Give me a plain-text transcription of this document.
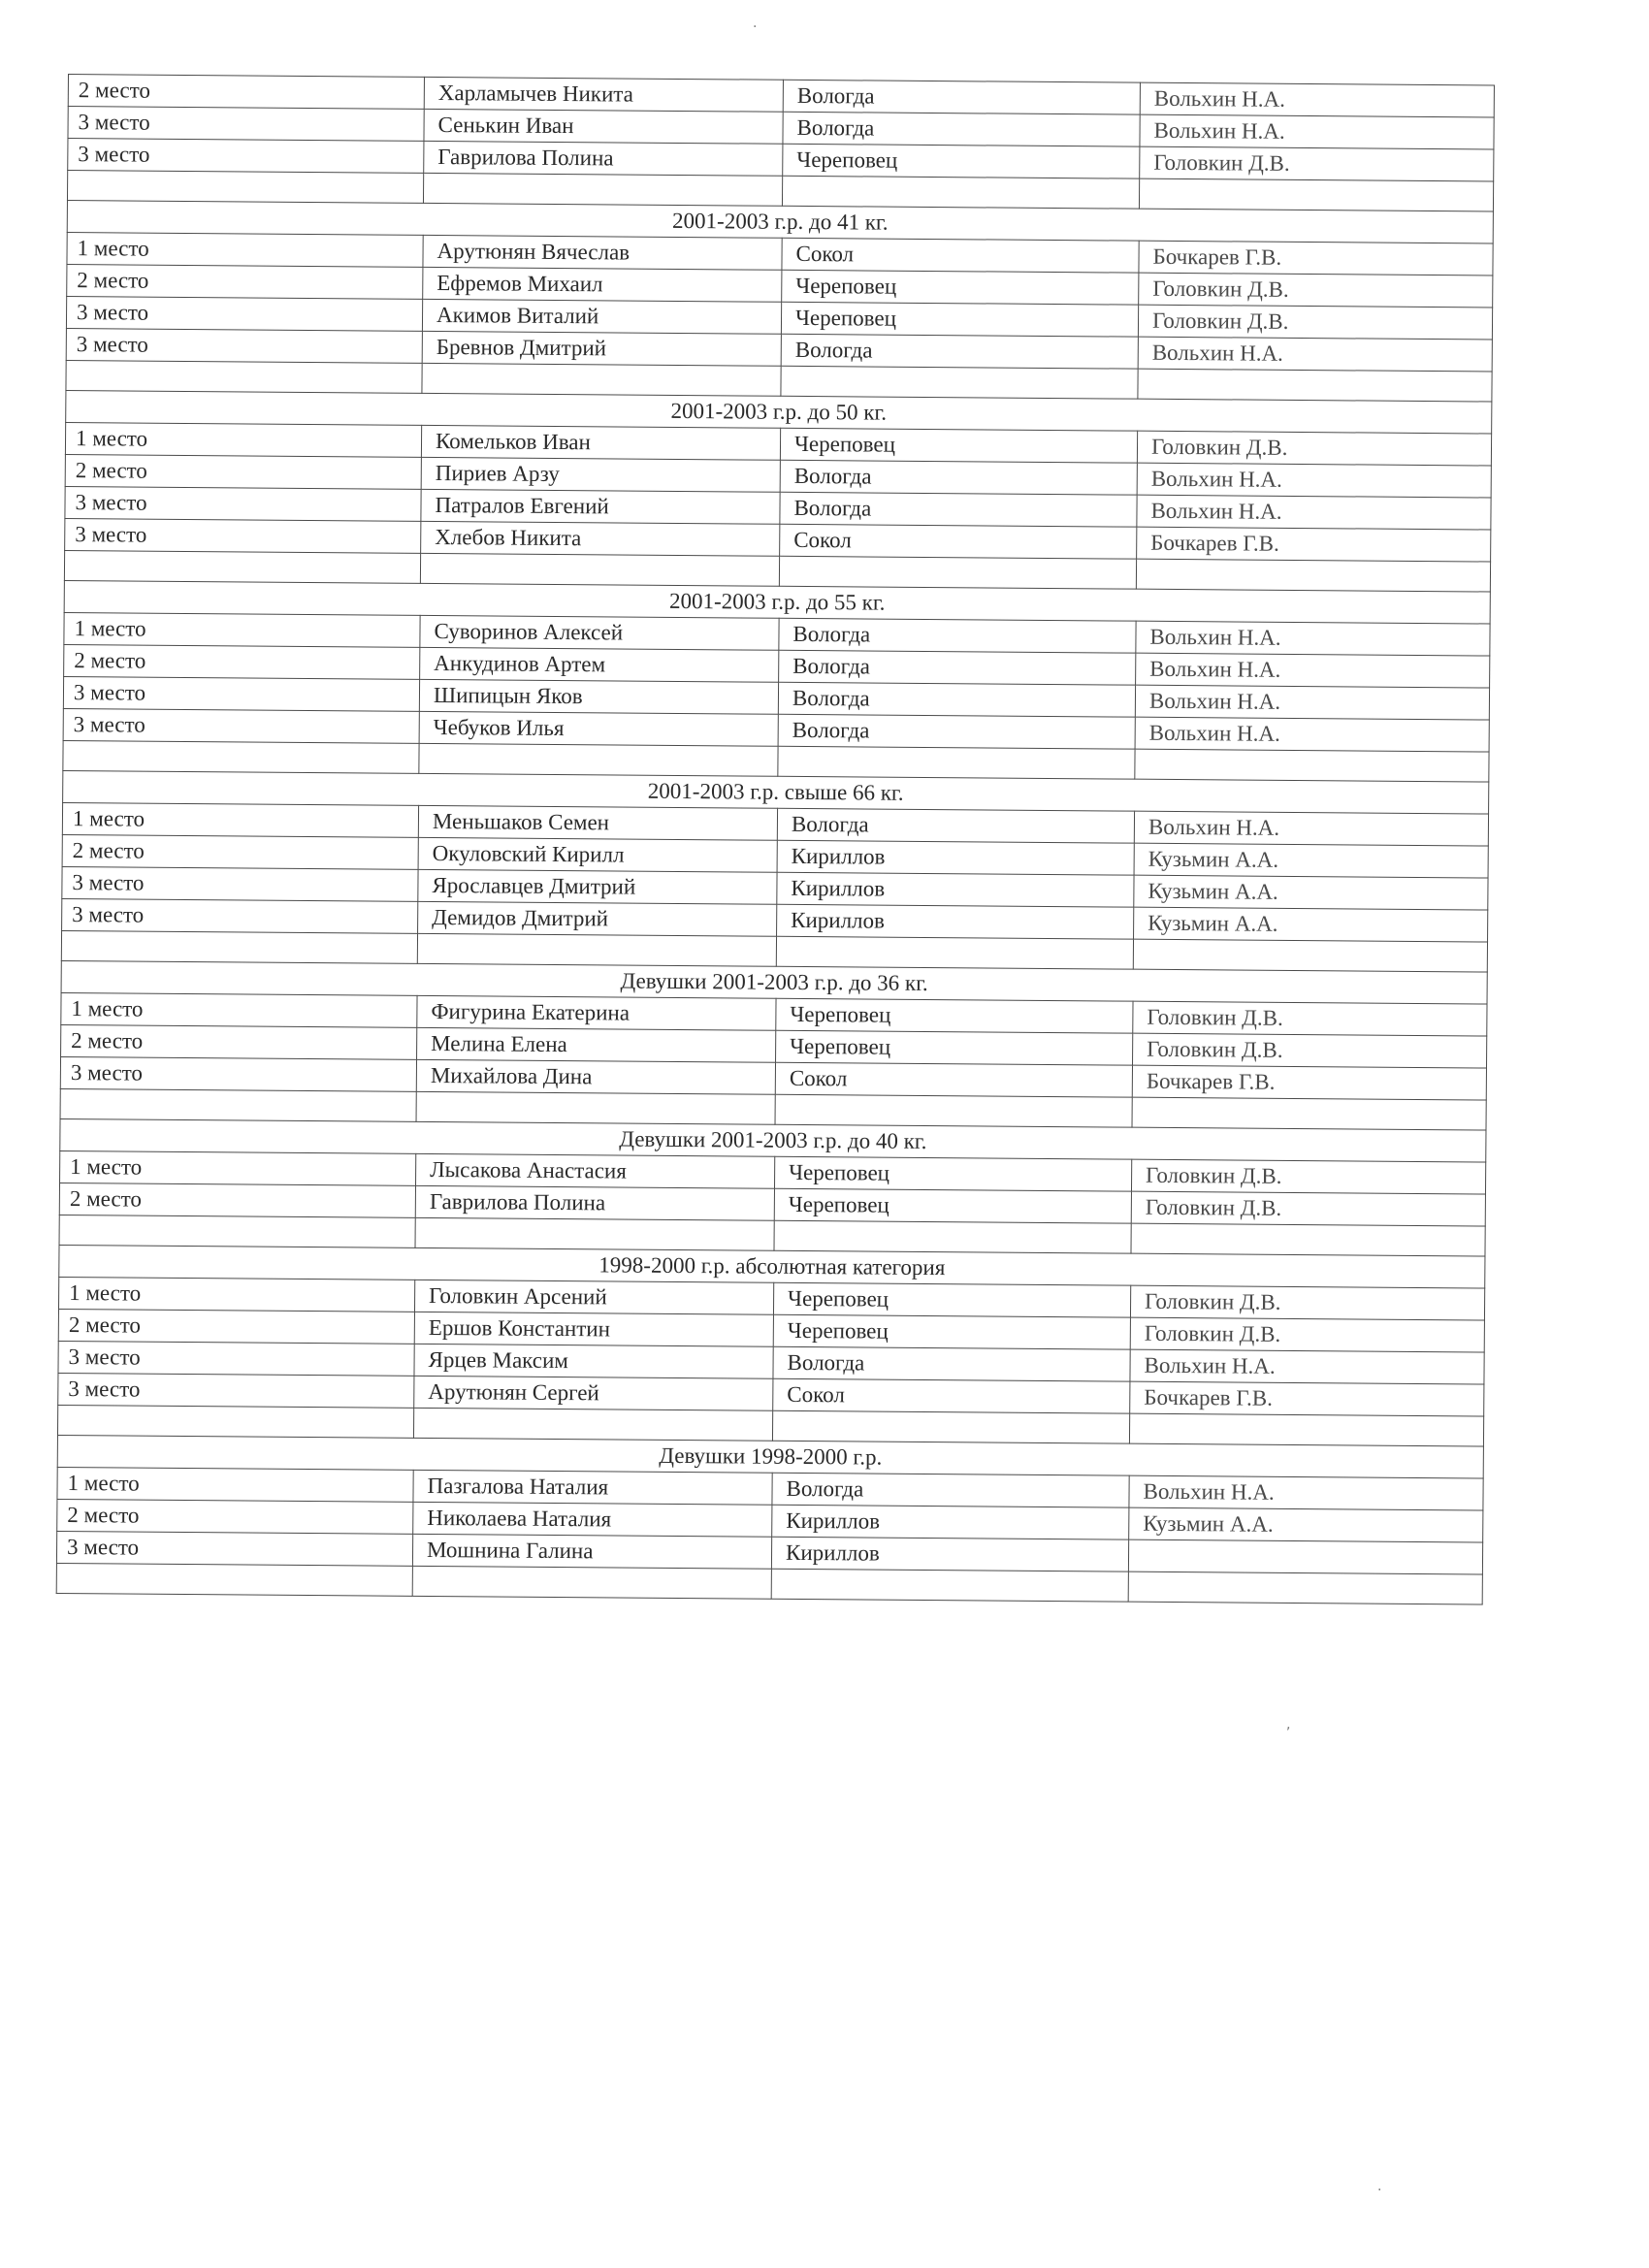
2 место	Харламычев Никита	Вологда	Вольхин Н.А.
3 место	Сенькин Иван	Вологда	Вольхин Н.А.
3 место	Гаврилова Полина	Череповец	Головкин Д.В.

2001-2003 г.р. до 41 кг.			
1 место	Арутюнян Вячеслав	Сокол	Бочкарев Г.В.
2 место	Ефремов Михаил	Череповец	Головкин Д.В.
3 место	Акимов Виталий	Череповец	Головкин Д.В.
3 место	Бревнов Дмитрий	Вологда	Вольхин Н.А.

2001-2003 г.р. до 50 кг.			
1 место	Комельков Иван	Череповец	Головкин Д.В.
2 место	Пириев Арзу	Вологда	Вольхин Н.А.
3 место	Патралов Евгений	Вологда	Вольхин Н.А.
3 место	Хлебов Никита	Сокол	Бочкарев Г.В.

2001-2003 г.р. до 55 кг.			
1 место	Суворинов Алексей	Вологда	Вольхин Н.А.
2 место	Анкудинов Артем	Вологда	Вольхин Н.А.
3 место	Шипицын Яков	Вологда	Вольхин Н.А.
3 место	Чебуков Илья	Вологда	Вольхин Н.А.

2001-2003 г.р. свыше 66 кг.			
1 место	Меньшаков Семен	Вологда	Вольхин Н.А.
2 место	Окуловский Кирилл	Кириллов	Кузьмин А.А.
3 место	Ярославцев Дмитрий	Кириллов	Кузьмин А.А.
3 место	Демидов Дмитрий	Кириллов	Кузьмин А.А.

Девушки 2001-2003 г.р. до 36 кг.			
1 место	Фигурина Екатерина	Череповец	Головкин Д.В.
2 место	Мелина Елена	Череповец	Головкин Д.В.
3 место	Михайлова Дина	Сокол	Бочкарев Г.В.

Девушки 2001-2003 г.р. до 40 кг.			
1 место	Лысакова Анастасия	Череповец	Головкин Д.В.
2 место	Гаврилова Полина	Череповец	Головкин Д.В.

1998-2000 г.р. абсолютная категория			
1 место	Головкин Арсений	Череповец	Головкин Д.В.
2 место	Ершов Константин	Череповец	Головкин Д.В.
3 место	Ярцев Максим	Вологда	Вольхин Н.А.
3 место	Арутюнян Сергей	Сокол	Бочкарев Г.В.

Девушки 1998-2000 г.р.			
1 место	Пазгалова Наталия	Вологда	Вольхин Н.А.
2 место	Николаева Наталия	Кириллов	Кузьмин А.А.
3 место	Мошнина Галина	Кириллов	

·
,
·
